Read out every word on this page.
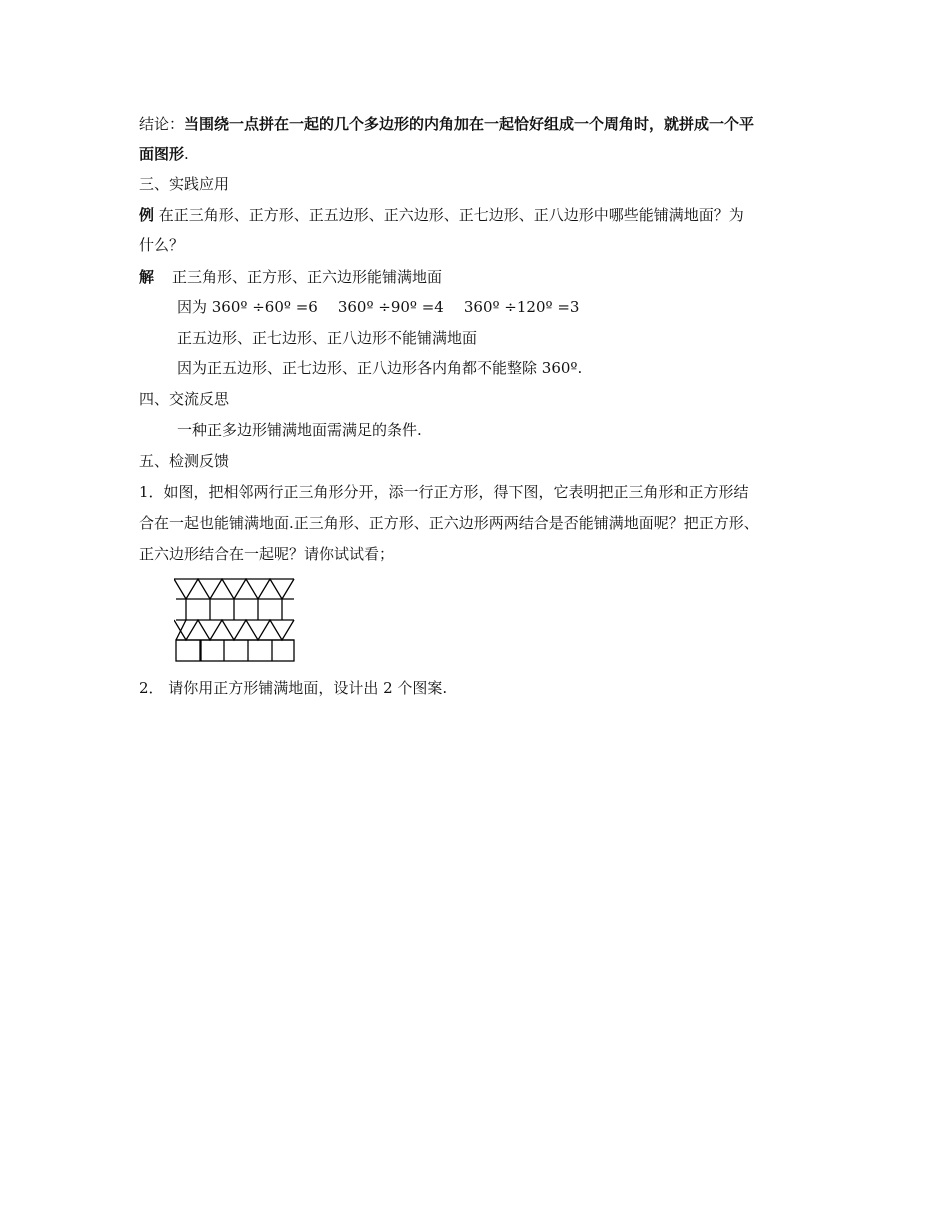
结论：当围绕一点拼在一起的几个多边形的内角加在一起恰好组成一个周角时，就拼成一个平
面图形.
三、实践应用
例 在正三角形、正方形、正五边形、正六边形、正七边形、正八边形中哪些能铺满地面？为
什么？
解 正三角形、正方形、正六边形能铺满地面
因为 360º ÷60º =6 360º ÷90º =4 360º ÷120º =3
正五边形、正七边形、正八边形不能铺满地面
因为正五边形、正七边形、正八边形各内角都不能整除 360º.
四、交流反思
一种正多边形铺满地面需满足的条件.
五、检测反馈
1．如图，把相邻两行正三角形分开，添一行正方形，得下图，它表明把正三角形和正方形结
合在一起也能铺满地面.正三角形、正方形、正六边形两两结合是否能铺满地面呢？把正方形、
正六边形结合在一起呢？请你试试看；
2． 请你用正方形铺满地面，设计出 2 个图案.
